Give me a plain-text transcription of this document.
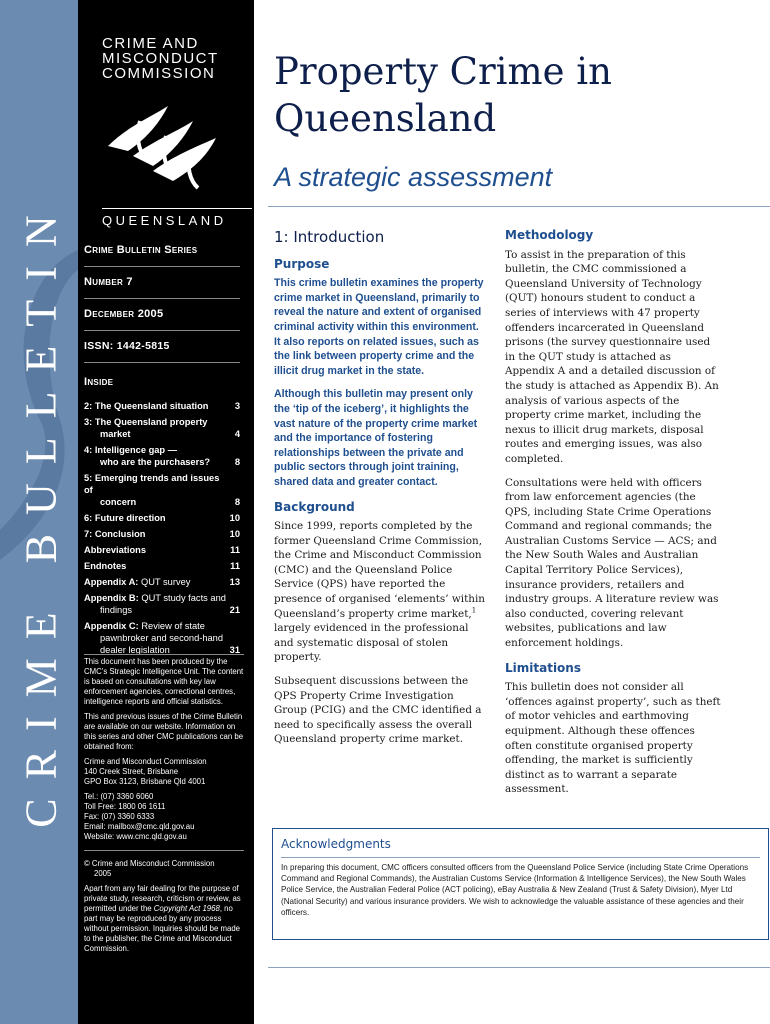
CRIME BULLETIN
CRIME AND
MISCONDUCT
COMMISSION
QUEENSLAND
Crime Bulletin Series
Number 7
December 2005
ISSN: 1442-5815
Inside
2: The Queensland situation	3
3: The Queensland property
market	4
4: Intelligence gap —
who are the purchasers?	8
5: Emerging trends and issues of
concern	8
6: Future direction	10
7: Conclusion	10
Abbreviations	11
Endnotes	11
Appendix A: QUT survey	13
Appendix B: QUT study facts and
findings	21
Appendix C: Review of state
pawnbroker and second-hand
dealer legislation	31

This document has been produced by the CMC’s Strategic Intelligence Unit. The content is based on consultations with key law enforcement agencies, correctional centres, intelligence reports and official statistics.

This and previous issues of the Crime Bulletin are available on our website. Information on this series and other CMC publications can be obtained from:

Crime and Misconduct Commission
140 Creek Street, Brisbane
GPO Box 3123, Brisbane Qld 4001

Tel.: (07) 3360 6060
Toll Free: 1800 06 1611
Fax: (07) 3360 6333
Email: mailbox@cmc.qld.gov.au
Website: www.cmc.qld.gov.au

© Crime and Misconduct Commission
2005

Apart from any fair dealing for the purpose of private study, research, criticism or review, as permitted under the Copyright Act 1968, no part may be reproduced by any process without permission. Inquiries should be made to the publisher, the Crime and Misconduct Commission.

Property Crime in
Queensland
A strategic assessment
1: Introduction
Purpose

This crime bulletin examines the property crime market in Queensland, primarily to reveal the nature and extent of organised criminal activity within this environment. It also reports on related issues, such as the link between property crime and the illicit drug market in the state.

Although this bulletin may present only the ‘tip of the iceberg’, it highlights the vast nature of the property crime market and the importance of fostering relationships between the private and public sectors through joint training, shared data and greater contact.

Background

Since 1999, reports completed by the former Queensland Crime Commission, the Crime and Misconduct Commission (CMC) and the Queensland Police Service (QPS) have reported the presence of organised ‘elements’ within Queensland’s property crime market,$^1$ largely evidenced in the professional and systematic disposal of stolen property.

Subsequent discussions between the QPS Property Crime Investigation Group (PCIG) and the CMC identified a need to specifically assess the overall Queensland property crime market.

Methodology

To assist in the preparation of this bulletin, the CMC commissioned a Queensland University of Technology (QUT) honours student to conduct a series of interviews with 47 property offenders incarcerated in Queensland prisons (the survey questionnaire used in the QUT study is attached as Appendix A and a detailed discussion of the study is attached as Appendix B). An analysis of various aspects of the property crime market, including the nexus to illicit drug markets, disposal routes and emerging issues, was also completed.

Consultations were held with officers from law enforcement agencies (the QPS, including State Crime Operations Command and regional commands; the Australian Customs Service — ACS; and the New South Wales and Australian Capital Territory Police Services), insurance providers, retailers and industry groups. A literature review was also conducted, covering relevant websites, publications and law enforcement holdings.

Limitations

This bulletin does not consider all ‘offences against property’, such as theft of motor vehicles and earthmoving equipment. Although these offences often constitute organised property offending, the market is sufficiently distinct as to warrant a separate assessment.

Acknowledgments

In preparing this document, CMC officers consulted officers from the Queensland Police Service (including State Crime Operations Command and Regional Commands), the Australian Customs Service (Information & Intelligence Services), the New South Wales Police Service, the Australian Federal Police (ACT policing), eBay Australia & New Zealand (Trust & Safety Division), Myer Ltd (National Security) and various insurance providers. We wish to acknowledge the valuable assistance of these agencies and their officers.
